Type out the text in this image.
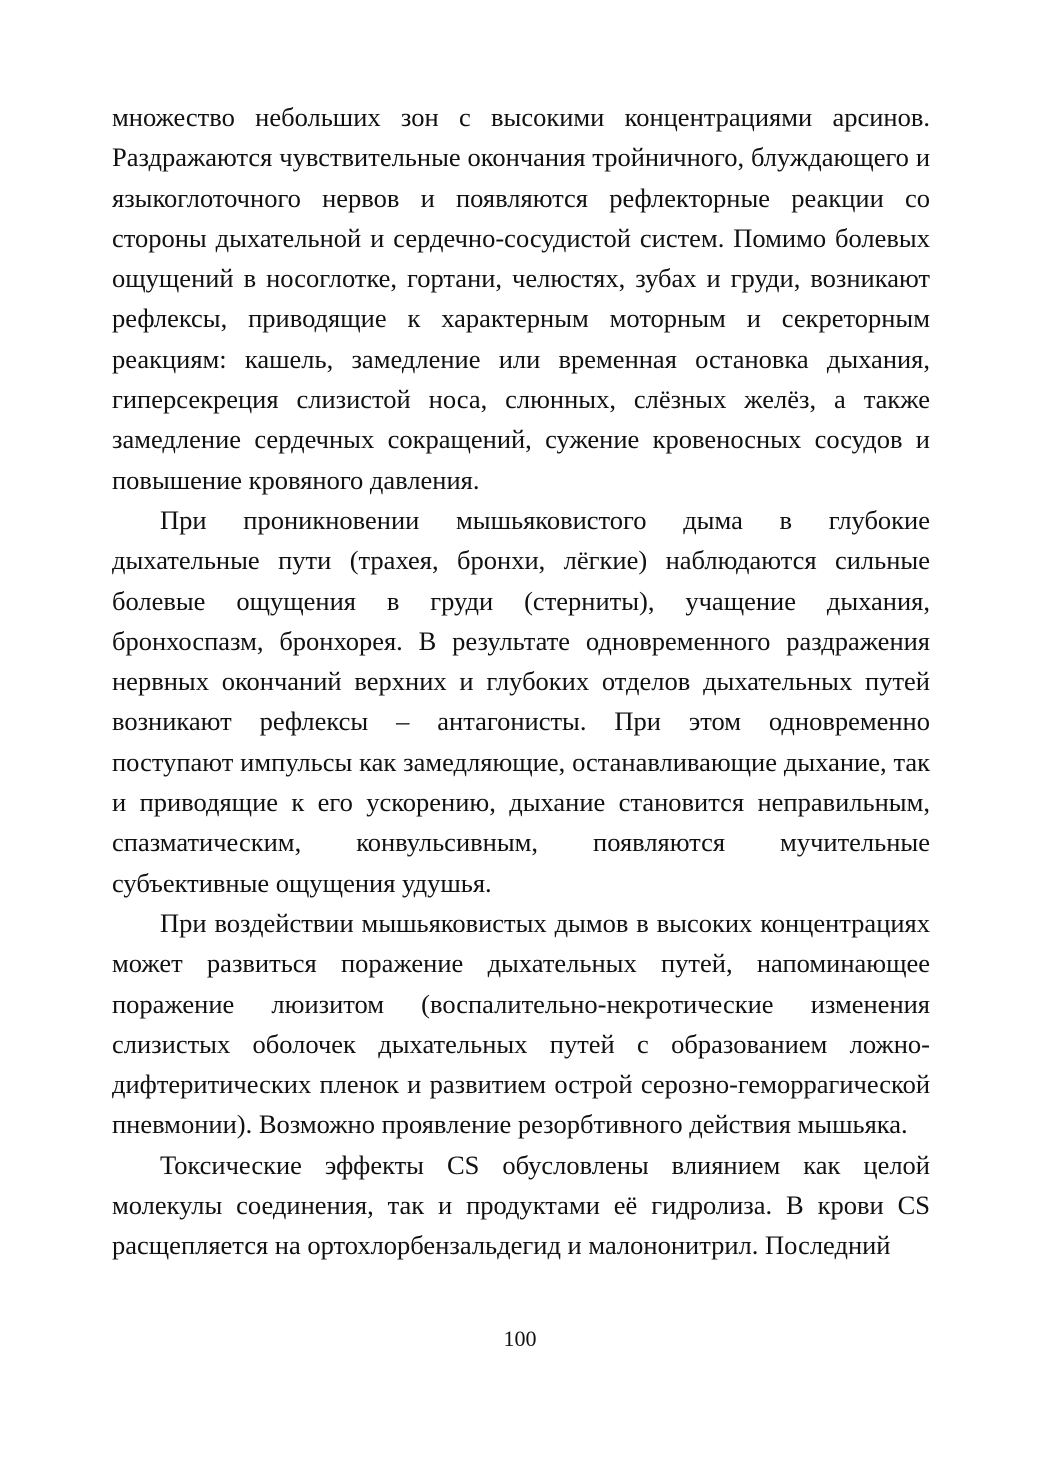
множество небольших зон с высокими концентрациями арсинов. Раздражаются чувствительные окончания тройничного, блуждающего и языкоглоточного нервов и появляются рефлекторные реакции со стороны дыхательной и сердечно-сосудистой систем. Помимо болевых ощущений в носоглотке, гортани, челюстях, зубах и груди, возникают рефлексы, приводящие к характерным моторным и секреторным реакциям: кашель, замедление или временная остановка дыхания, гиперсекреция слизистой носа, слюнных, слёзных желёз, а также замедление сердечных сокращений, сужение кровеносных сосудов и повышение кровяного давления.

При проникновении мышьяковистого дыма в глубокие дыхательные пути (трахея, бронхи, лёгкие) наблюдаются сильные болевые ощущения в груди (стерниты), учащение дыхания, бронхоспазм, бронхорея. В результате одновременного раздражения нервных окончаний верхних и глубоких отделов дыхательных путей возникают рефлексы – антагонисты. При этом одновременно поступают импульсы как замедляющие, останавливающие дыхание, так и приводящие к его ускорению, дыхание становится неправильным, спазматическим, конвульсивным, появляются мучительные субъективные ощущения удушья.

При воздействии мышьяковистых дымов в высоких концентрациях может развиться поражение дыхательных путей, напоминающее поражение люизитом (воспалительно-некротические изменения слизистых оболочек дыхательных путей с образованием ложно-дифтеритических пленок и развитием острой серозно-геморрагической пневмонии). Возможно проявление резорбтивного действия мышьяка.

Токсические эффекты CS обусловлены влиянием как целой молекулы соединения, так и продуктами её гидролиза. В крови CS расщепляется на ортохлорбензальдегид и малононитрил. Последний

100
